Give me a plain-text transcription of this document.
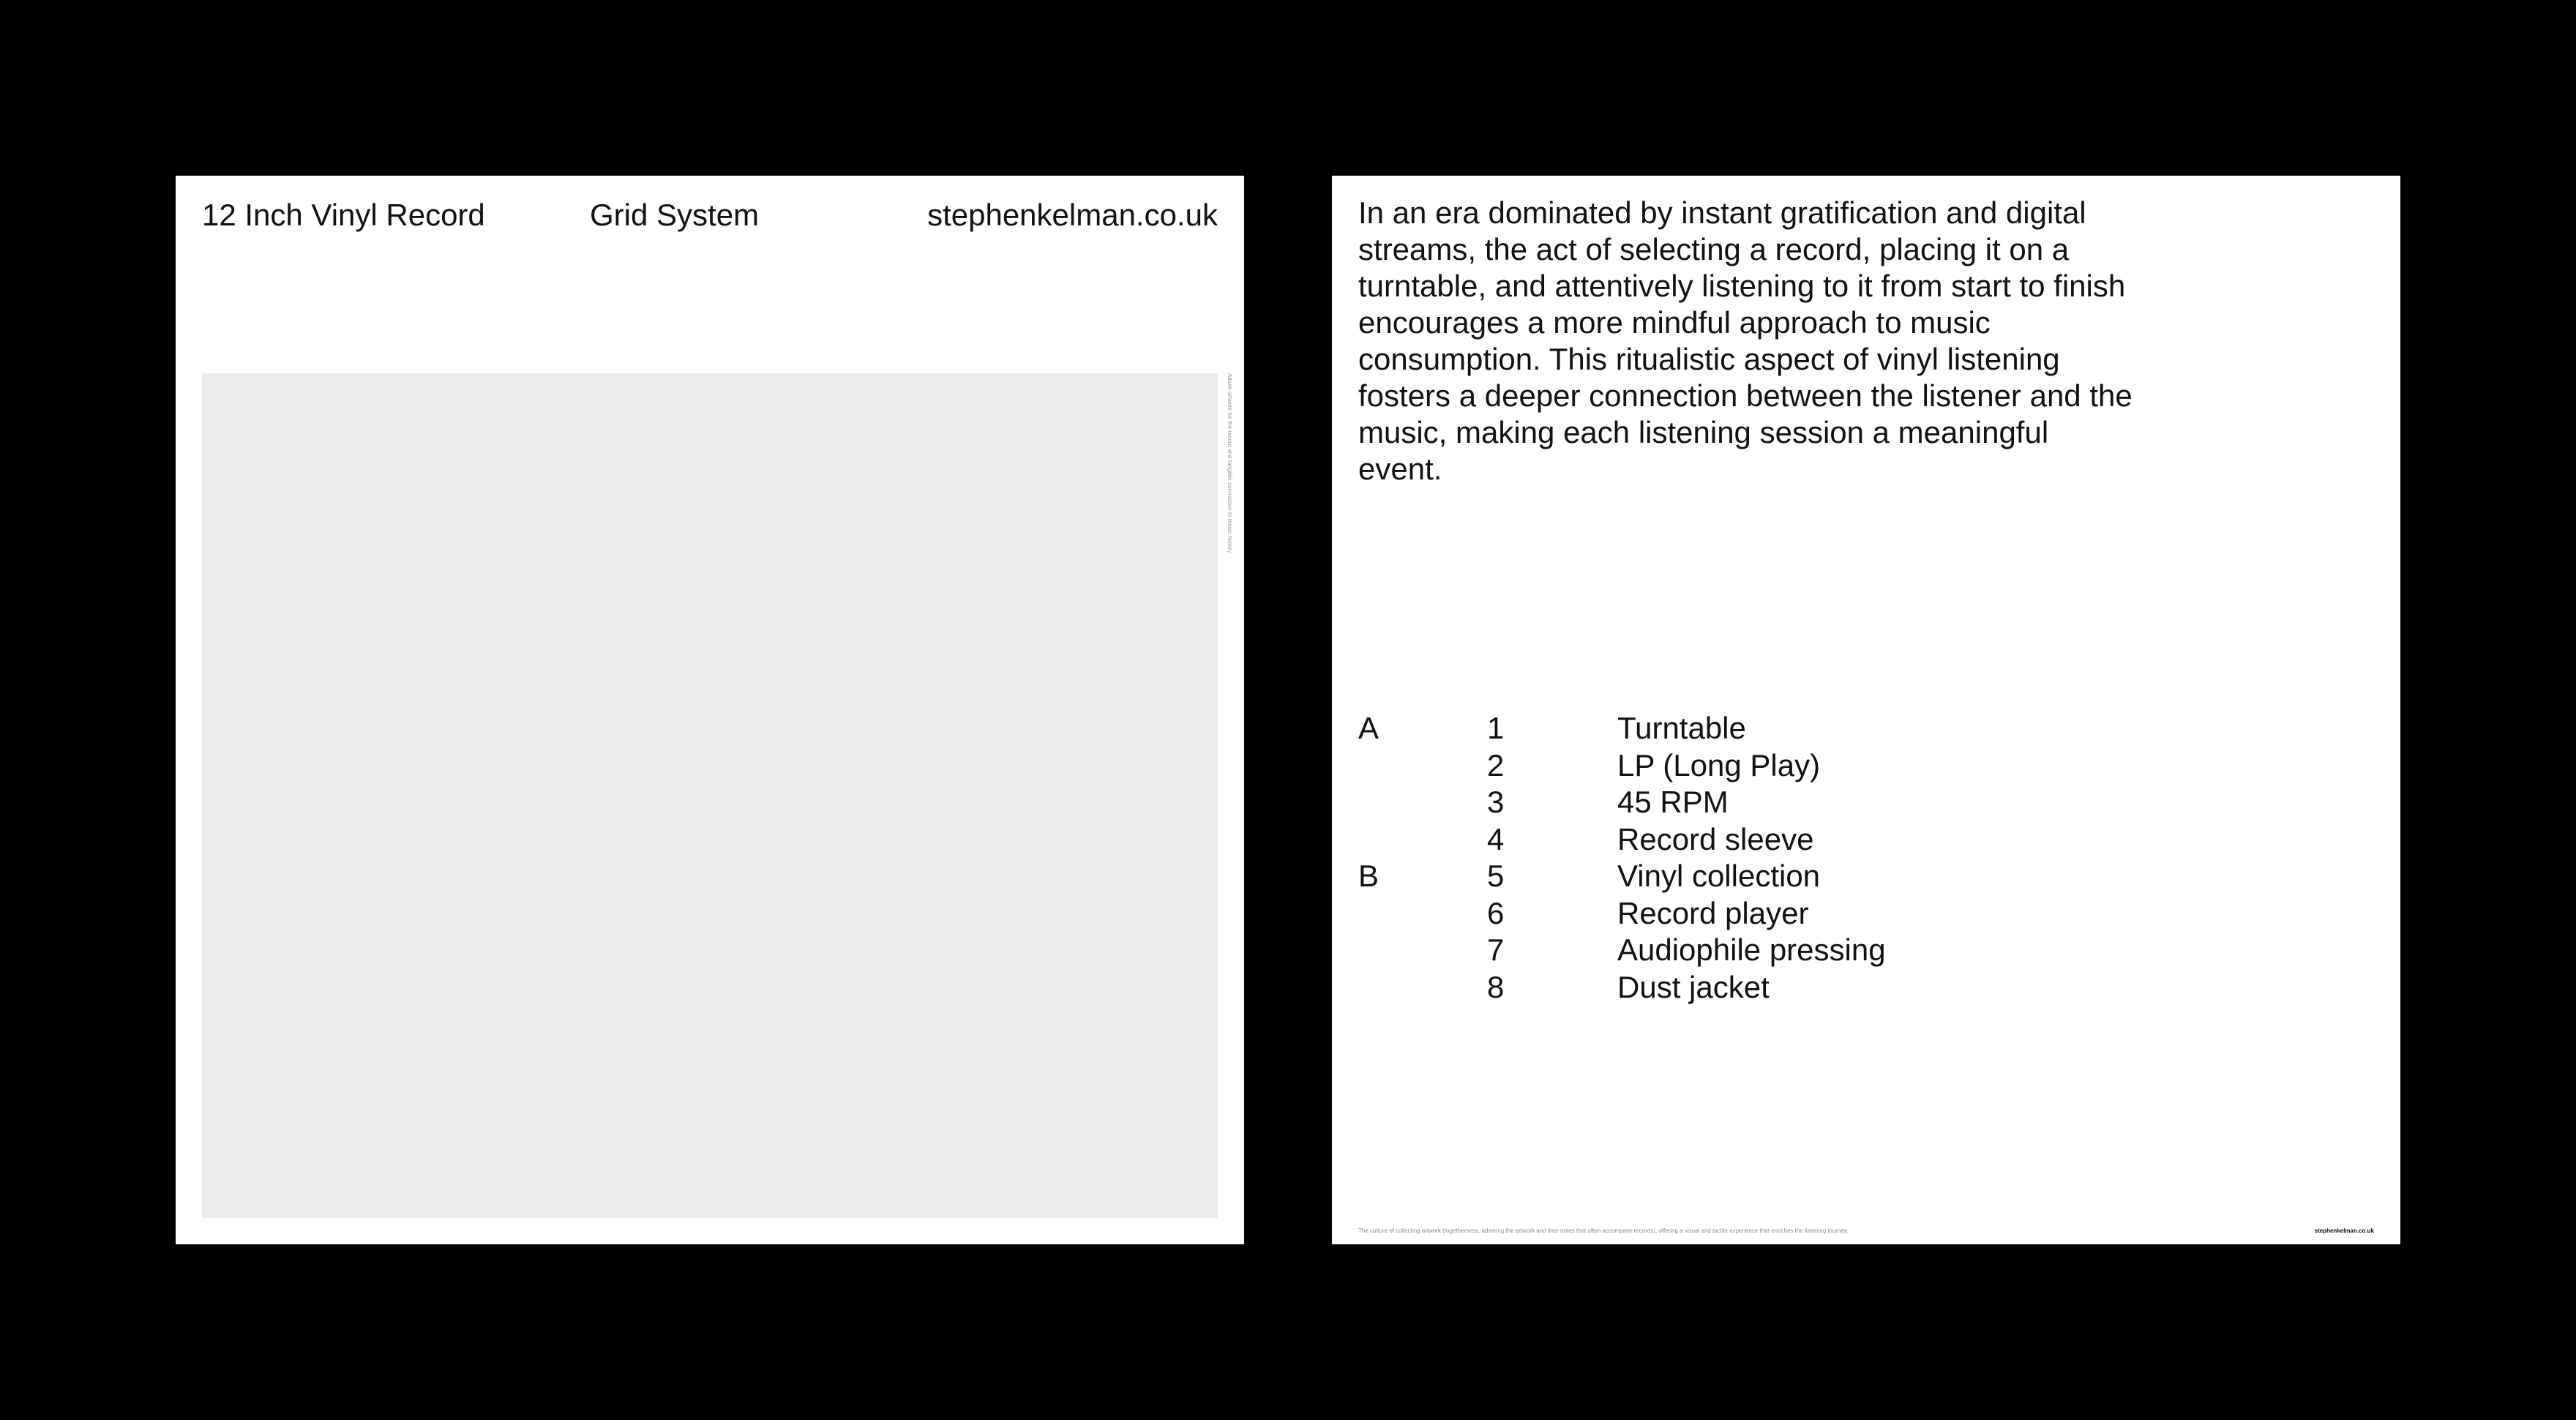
12 Inch Vinyl Record	Grid System	stephenkelman.co.uk
Album artwork for the record and tangible connection to music history

In an era dominated by instant gratification and digital streams, the act of selecting a record, placing it on a turntable, and attentively listening to it from start to finish encourages a more mindful approach to music consumption. This ritualistic aspect of vinyl listening fosters a deeper connection between the listener and the music, making each listening session a meaningful event.

A	1	Turntable
2	LP (Long Play)
3	45 RPM
4	Record sleeve
B	5	Vinyl collection
6	Record player
7	Audiophile pressing
8	Dust jacket
The culture of collecting artwork (togetherness, admiring the artwork and liner notes that often accompany records), offering a visual and tactile experience that enriches the listening journey.	stephenkelman.co.uk
